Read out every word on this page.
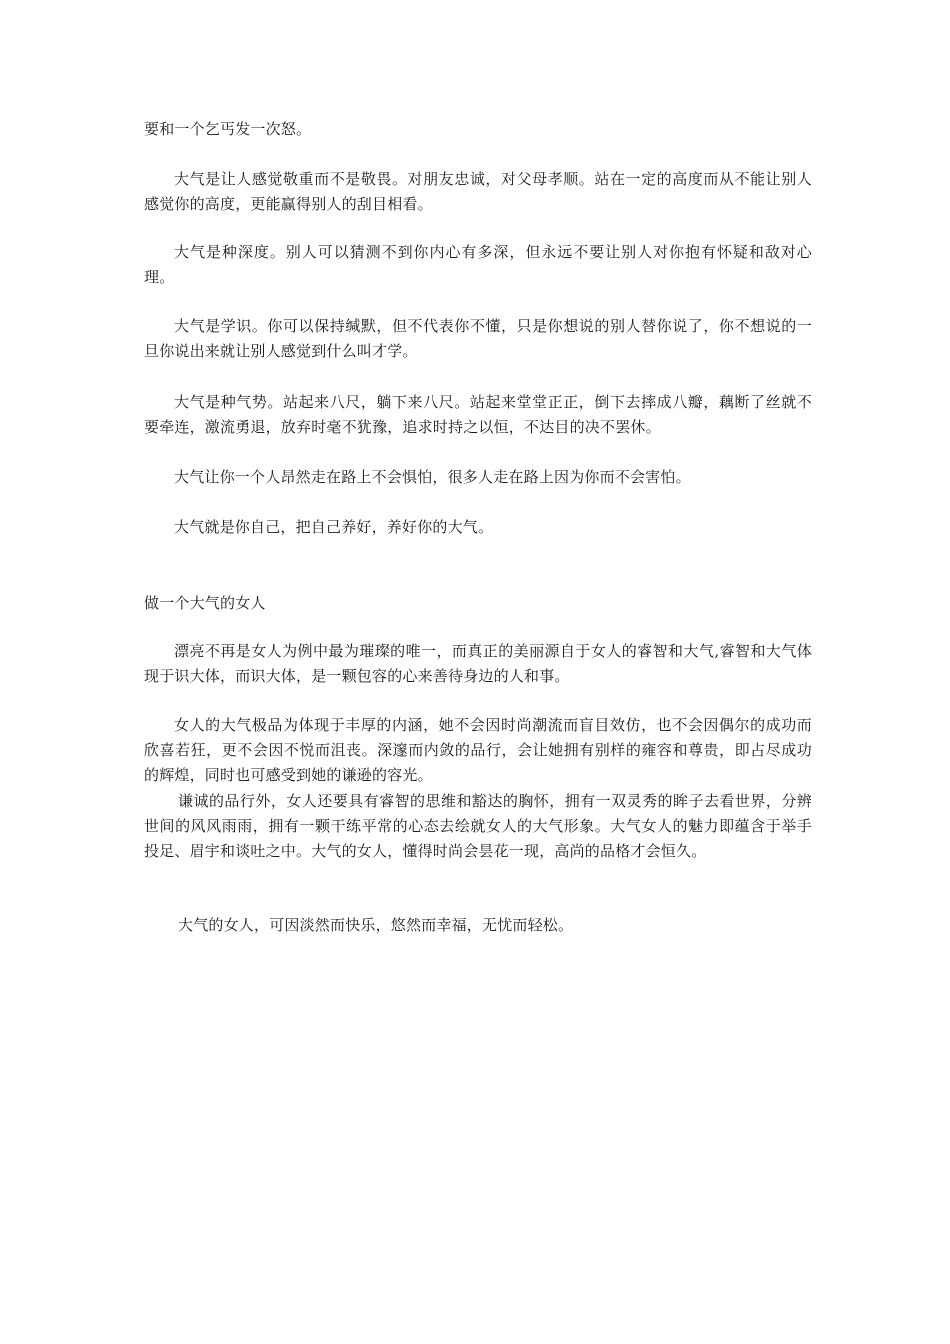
要和一个乞丐发一次怒。

大气是让人感觉敬重而不是敬畏。对朋友忠诚，对父母孝顺。站在一定的高度而从不能让别人感觉你的高度，更能赢得别人的刮目相看。

大气是种深度。别人可以猜测不到你内心有多深，但永远不要让别人对你抱有怀疑和敌对心理。

大气是学识。你可以保持缄默，但不代表你不懂，只是你想说的别人替你说了，你不想说的一旦你说出来就让别人感觉到什么叫才学。

大气是种气势。站起来八尺，躺下来八尺。站起来堂堂正正，倒下去摔成八瓣，藕断了丝就不要牵连，激流勇退，放弃时毫不犹豫，追求时持之以恒，不达目的决不罢休。

大气让你一个人昂然走在路上不会惧怕，很多人走在路上因为你而不会害怕。

大气就是你自己，把自己养好，养好你的大气。

做一个大气的女人

漂亮不再是女人为例中最为璀璨的唯一，而真正的美丽源自于女人的睿智和大气,睿智和大气体现于识大体，而识大体，是一颗包容的心来善待身边的人和事。

女人的大气极品为体现于丰厚的内涵，她不会因时尚潮流而盲目效仿，也不会因偶尔的成功而欣喜若狂，更不会因不悦而沮丧。深邃而内敛的品行，会让她拥有别样的雍容和尊贵，即占尽成功的辉煌，同时也可感受到她的谦逊的容光。

谦诚的品行外，女人还要具有睿智的思维和豁达的胸怀，拥有一双灵秀的眸子去看世界，分辨世间的风风雨雨，拥有一颗干练平常的心态去绘就女人的大气形象。大气女人的魅力即蕴含于举手投足、眉宇和谈吐之中。大气的女人，懂得时尚会昙花一现，高尚的品格才会恒久。

大气的女人，可因淡然而快乐，悠然而幸福，无忧而轻松。
